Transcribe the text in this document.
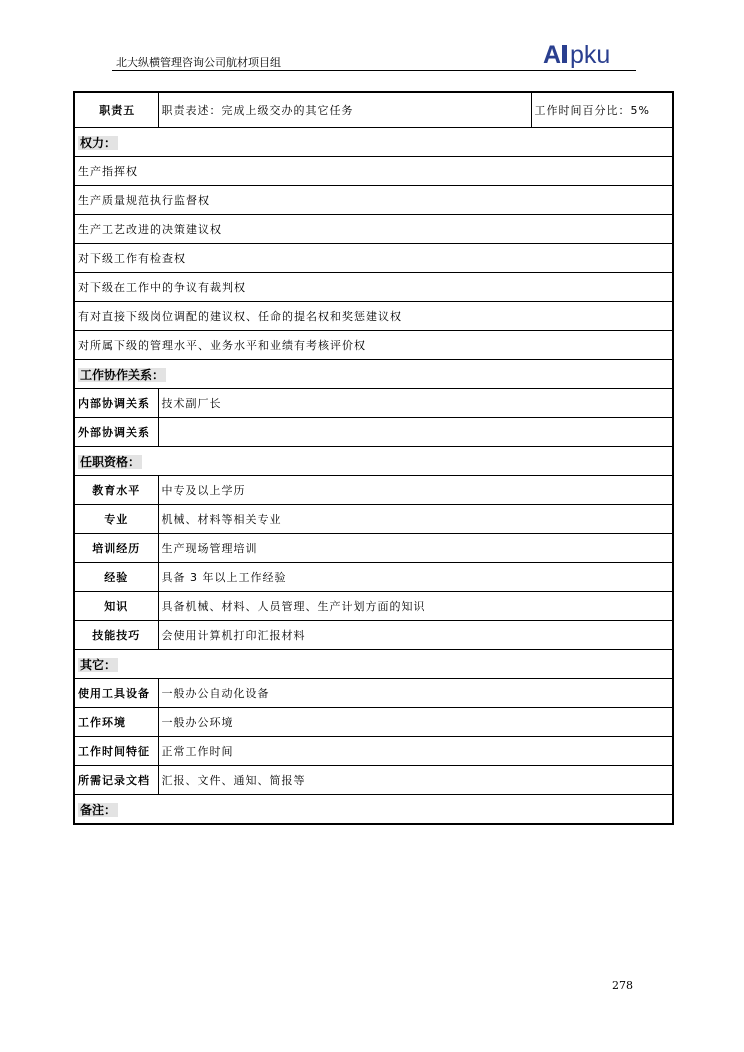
北大纵横管理咨询公司航材项目组	A pku
职责五	职责表述：完成上级交办的其它任务	工作时间百分比：5%
权力：		
生产指挥权		
生产质量规范执行监督权		
生产工艺改进的决策建议权		
对下级工作有检查权		
对下级在工作中的争议有裁判权		
有对直接下级岗位调配的建议权、任命的提名权和奖惩建议权		
对所属下级的管理水平、业务水平和业绩有考核评价权		
工作协作关系：		
内部协调关系	技术副厂长	
外部协调关系		
任职资格：		
教育水平	中专及以上学历	
专业	机械、材料等相关专业	
培训经历	生产现场管理培训	
经验	具备 3 年以上工作经验	
知识	具备机械、材料、人员管理、生产计划方面的知识	
技能技巧	会使用计算机打印汇报材料	
其它：		
使用工具设备	一般办公自动化设备	
工作环境	一般办公环境	
工作时间特征	正常工作时间	
所需记录文档	汇报、文件、通知、简报等	
备注：		
278
